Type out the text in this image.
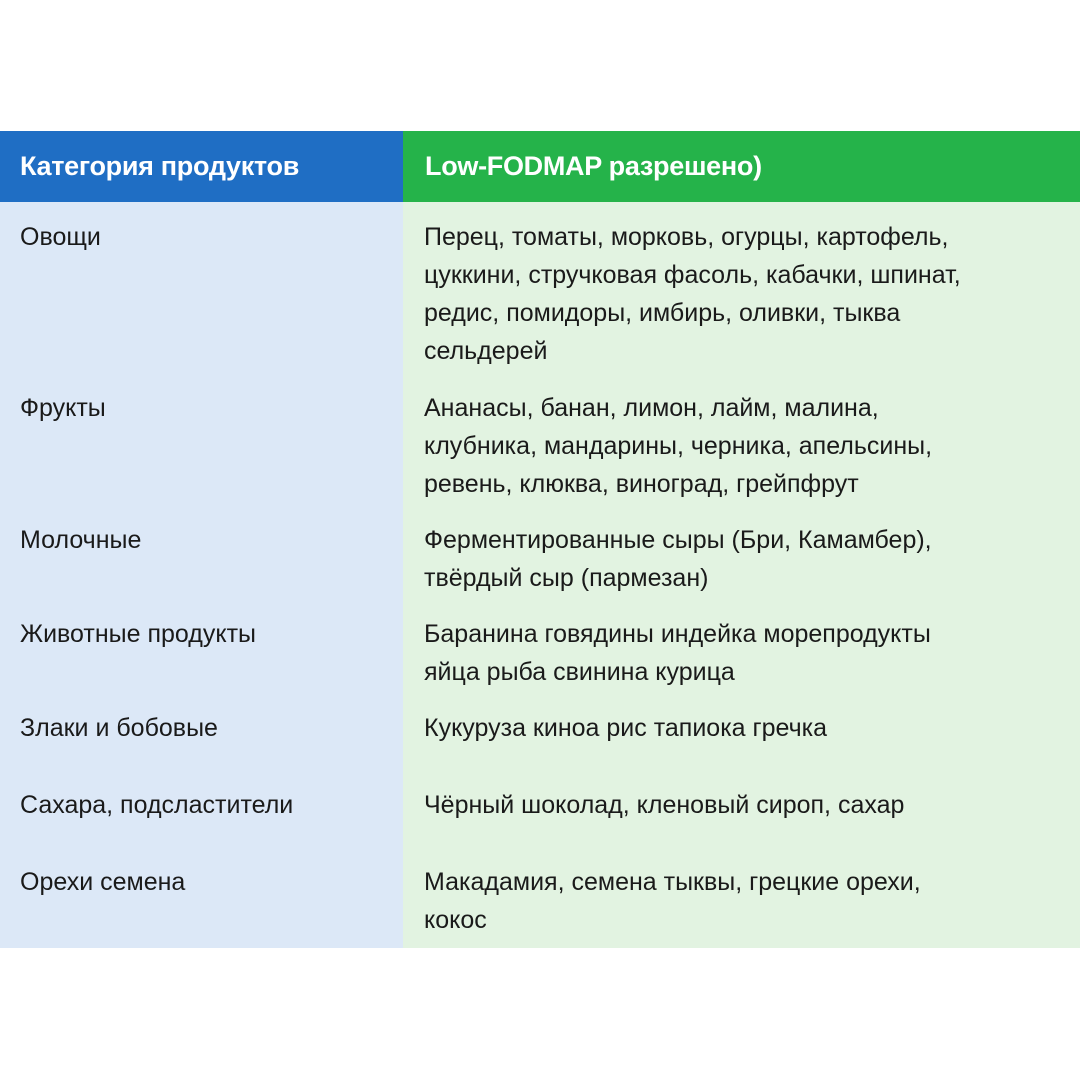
Категория продуктов	Low-FODMAP разрешено)
Овощи
Фрукты
Молочные
Животные продукты
Злаки и бобовые
Сахара, подсластители
Орехи семена
Перец, томаты, морковь, огурцы, картофель,
цуккини, стручковая фасоль, кабачки, шпинат,
редис, помидоры, имбирь, оливки, тыква
сельдерей
Ананасы, банан, лимон, лайм, малина,
клубника, мандарины, черника, апельсины,
ревень, клюква, виноград, грейпфрут
Ферментированные сыры (Бри, Камамбер),
твёрдый сыр (пармезан)
Баранина говядины индейка морепродукты
яйца рыба свинина курица
Кукуруза киноа рис тапиока гречка
Чёрный шоколад, кленовый сироп, сахар
Макадамия, семена тыквы, грецкие орехи,
кокос
